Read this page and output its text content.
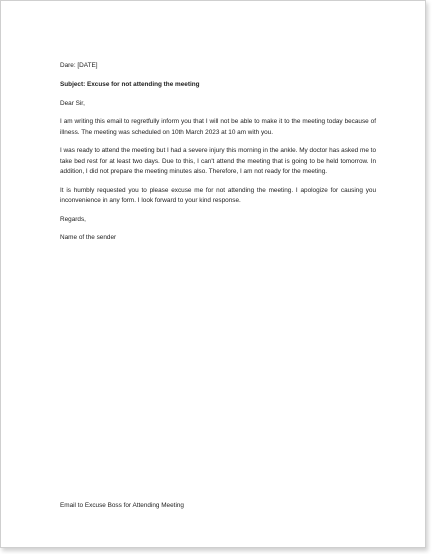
Dare: [DATE]

Subject: Excuse for not attending the meeting

Dear Sir,

I am writing this email to regretfully inform you that I will not be able to make it to the meeting today because of illness. The meeting was scheduled on 10th March 2023 at 10 am with you.

I was ready to attend the meeting but I had a severe injury this morning in the ankle. My doctor has asked me to take bed rest for at least two days. Due to this, I can't attend the meeting that is going to be held tomorrow. In addition, I did not prepare the meeting minutes also. Therefore, I am not ready for the meeting.

It is humbly requested you to please excuse me for not attending the meeting. I apologize for causing you inconvenience in any form. I look forward to your kind response.

Regards,

Name of the sender

Email to Excuse Boss for Attending Meeting
